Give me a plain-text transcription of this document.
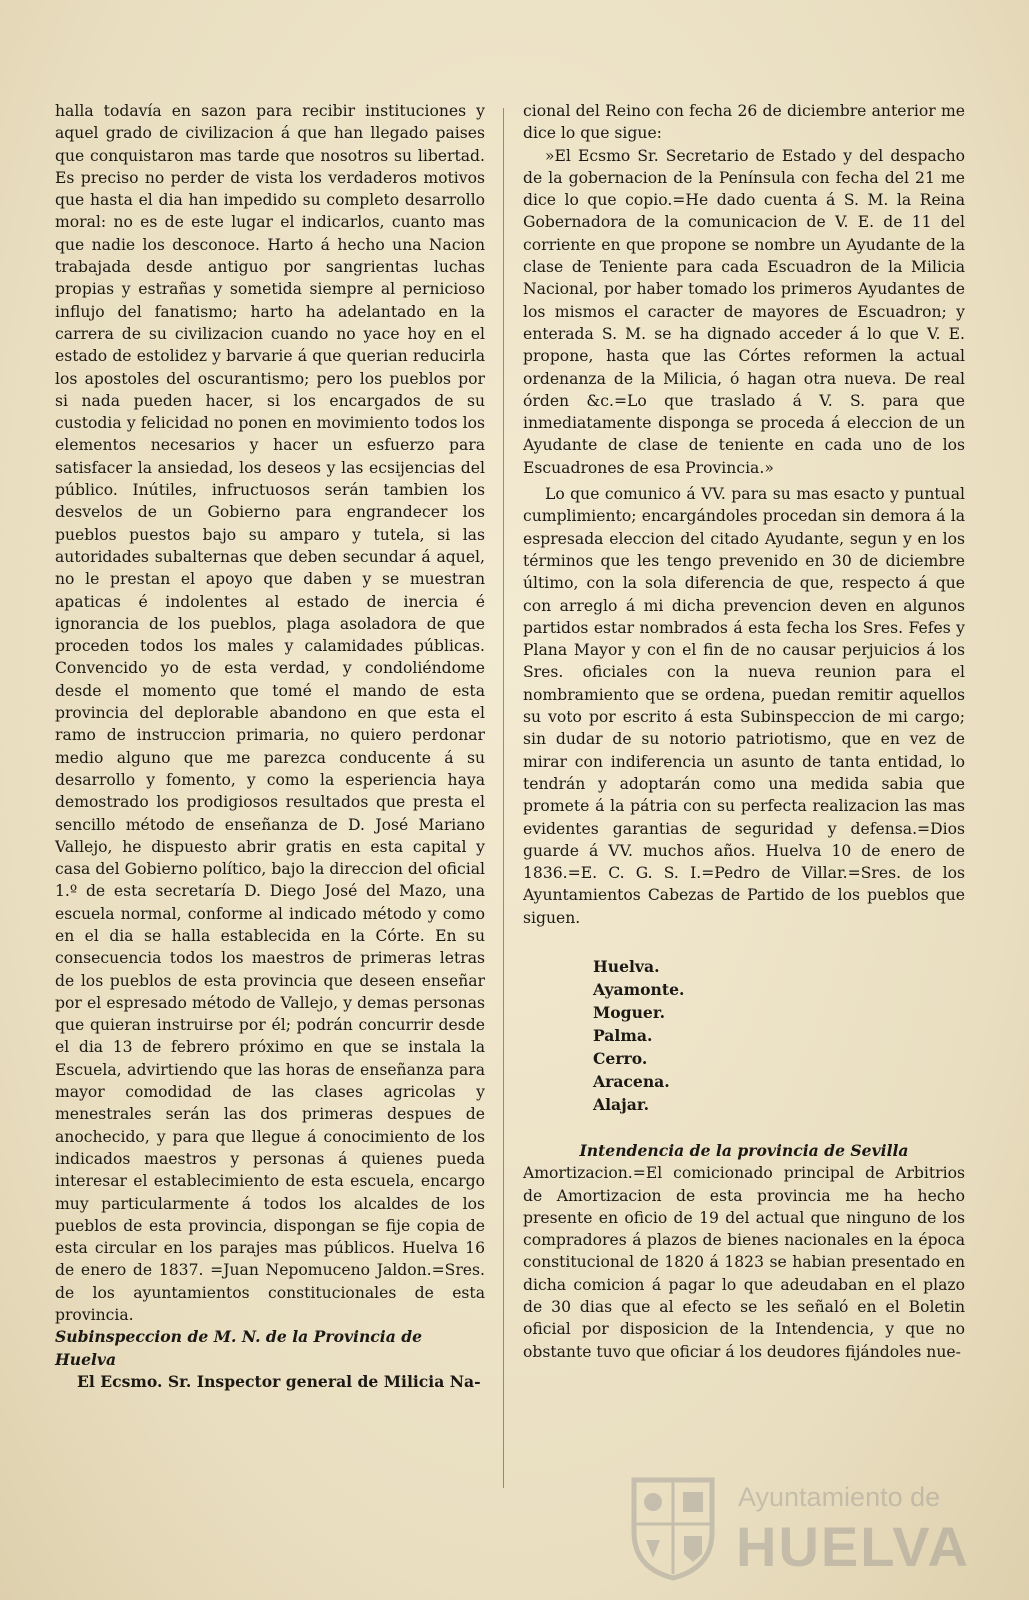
halla todavía en sazon para recibir instituciones y aquel grado de civilizacion á que han llegado paises que conquistaron mas tarde que nosotros su libertad. Es preciso no perder de vista los verdaderos motivos que hasta el dia han impedido su completo desarrollo moral: no es de este lugar el indicarlos, cuanto mas que nadie los desconoce. Harto á hecho una Nacion trabajada desde antiguo por sangrientas luchas propias y estrañas y sometida siempre al pernicioso influjo del fanatismo; harto ha adelantado en la carrera de su civilizacion cuando no yace hoy en el estado de estolidez y barvarie á que querian reducirla los apostoles del oscurantismo; pero los pueblos por si nada pueden hacer, si los encargados de su custodia y felicidad no ponen en movimiento todos los elementos necesarios y hacer un esfuerzo para satisfacer la ansiedad, los deseos y las ecsijencias del público. Inútiles, infructuosos serán tambien los desvelos de un Gobierno para engrandecer los pueblos puestos bajo su amparo y tutela, si las autoridades subalternas que deben secundar á aquel, no le prestan el apoyo que daben y se muestran apaticas é indolentes al estado de inercia é ignorancia de los pueblos, plaga asoladora de que proceden todos los males y calamidades públicas. Convencido yo de esta verdad, y condoliéndome desde el momento que tomé el mando de esta provincia del deplorable abandono en que esta el ramo de instruccion primaria, no quiero perdonar medio alguno que me parezca conducente á su desarrollo y fomento, y como la esperiencia haya demostrado los prodigiosos resultados que presta el sencillo método de enseñanza de D. José Mariano Vallejo, he dispuesto abrir gratis en esta capital y casa del Gobierno político, bajo la direccion del oficial 1.º de esta secretaría D. Diego José del Mazo, una escuela normal, conforme al indicado método y como en el dia se halla establecida en la Córte. En su consecuencia todos los maestros de primeras letras de los pueblos de esta provincia que deseen enseñar por el espresado método de Vallejo, y demas personas que quieran instruirse por él; podrán concurrir desde el dia 13 de febrero próximo en que se instala la Escuela, advirtiendo que las horas de enseñanza para mayor comodidad de las clases agricolas y menestrales serán las dos primeras despues de anochecido, y para que llegue á conocimiento de los indicados maestros y personas á quienes pueda interesar el establecimiento de esta escuela, encargo muy particularmente á todos los alcaldes de los pueblos de esta provincia, dispongan se fije copia de esta circular en los parajes mas públicos. Huelva 16 de enero de 1837. =Juan Nepomuceno Jaldon.=Sres. de los ayuntamientos constitucionales de esta provincia.

Subinspeccion de M. N. de la Provincia de Huelva

El Ecsmo. Sr. Inspector general de Milicia Na-

cional del Reino con fecha 26 de diciembre anterior me dice lo que sigue:

»El Ecsmo Sr. Secretario de Estado y del despacho de la gobernacion de la Península con fecha del 21 me dice lo que copio.=He dado cuenta á S. M. la Reina Gobernadora de la comunicacion de V. E. de 11 del corriente en que propone se nombre un Ayudante de la clase de Teniente para cada Escuadron de la Milicia Nacional, por haber tomado los primeros Ayudantes de los mismos el caracter de mayores de Escuadron; y enterada S. M. se ha dignado acceder á lo que V. E. propone, hasta que las Córtes reformen la actual ordenanza de la Milicia, ó hagan otra nueva. De real órden &c.=Lo que traslado á V. S. para que inmediatamente disponga se proceda á eleccion de un Ayudante de clase de teniente en cada uno de los Escuadrones de esa Provincia.»

Lo que comunico á VV. para su mas esacto y puntual cumplimiento; encargándoles procedan sin demora á la espresada eleccion del citado Ayudante, segun y en los términos que les tengo prevenido en 30 de diciembre último, con la sola diferencia de que, respecto á que con arreglo á mi dicha prevencion deven en algunos partidos estar nombrados á esta fecha los Sres. Fefes y Plana Mayor y con el fin de no causar perjuicios á los Sres. oficiales con la nueva reunion para el nombramiento que se ordena, puedan remitir aquellos su voto por escrito á esta Subinspeccion de mi cargo; sin dudar de su notorio patriotismo, que en vez de mirar con indiferencia un asunto de tanta entidad, lo tendrán y adoptarán como una medida sabia que promete á la pátria con su perfecta realizacion las mas evidentes garantias de seguridad y defensa.=Dios guarde á VV. muchos años. Huelva 10 de enero de 1836.=E. C. G. S. I.=Pedro de Villar.=Sres. de los Ayuntamientos Cabezas de Partido de los pueblos que siguen.

Huelva.
Ayamonte.
Moguer.
Palma.
Cerro.
Aracena.
Alajar.

Intendencia de la provincia de Sevilla

Amortizacion.=El comicionado principal de Arbitrios de Amortizacion de esta provincia me ha hecho presente en oficio de 19 del actual que ninguno de los compradores á plazos de bienes nacionales en la época constitucional de 1820 á 1823 se habian presentado en dicha comicion á pagar lo que adeudaban en el plazo de 30 dias que al efecto se les señaló en el Boletin oficial por disposicion de la Intendencia, y que no obstante tuvo que oficiar á los deudores fijándoles nue-

Ayuntamiento de
HUELVA
